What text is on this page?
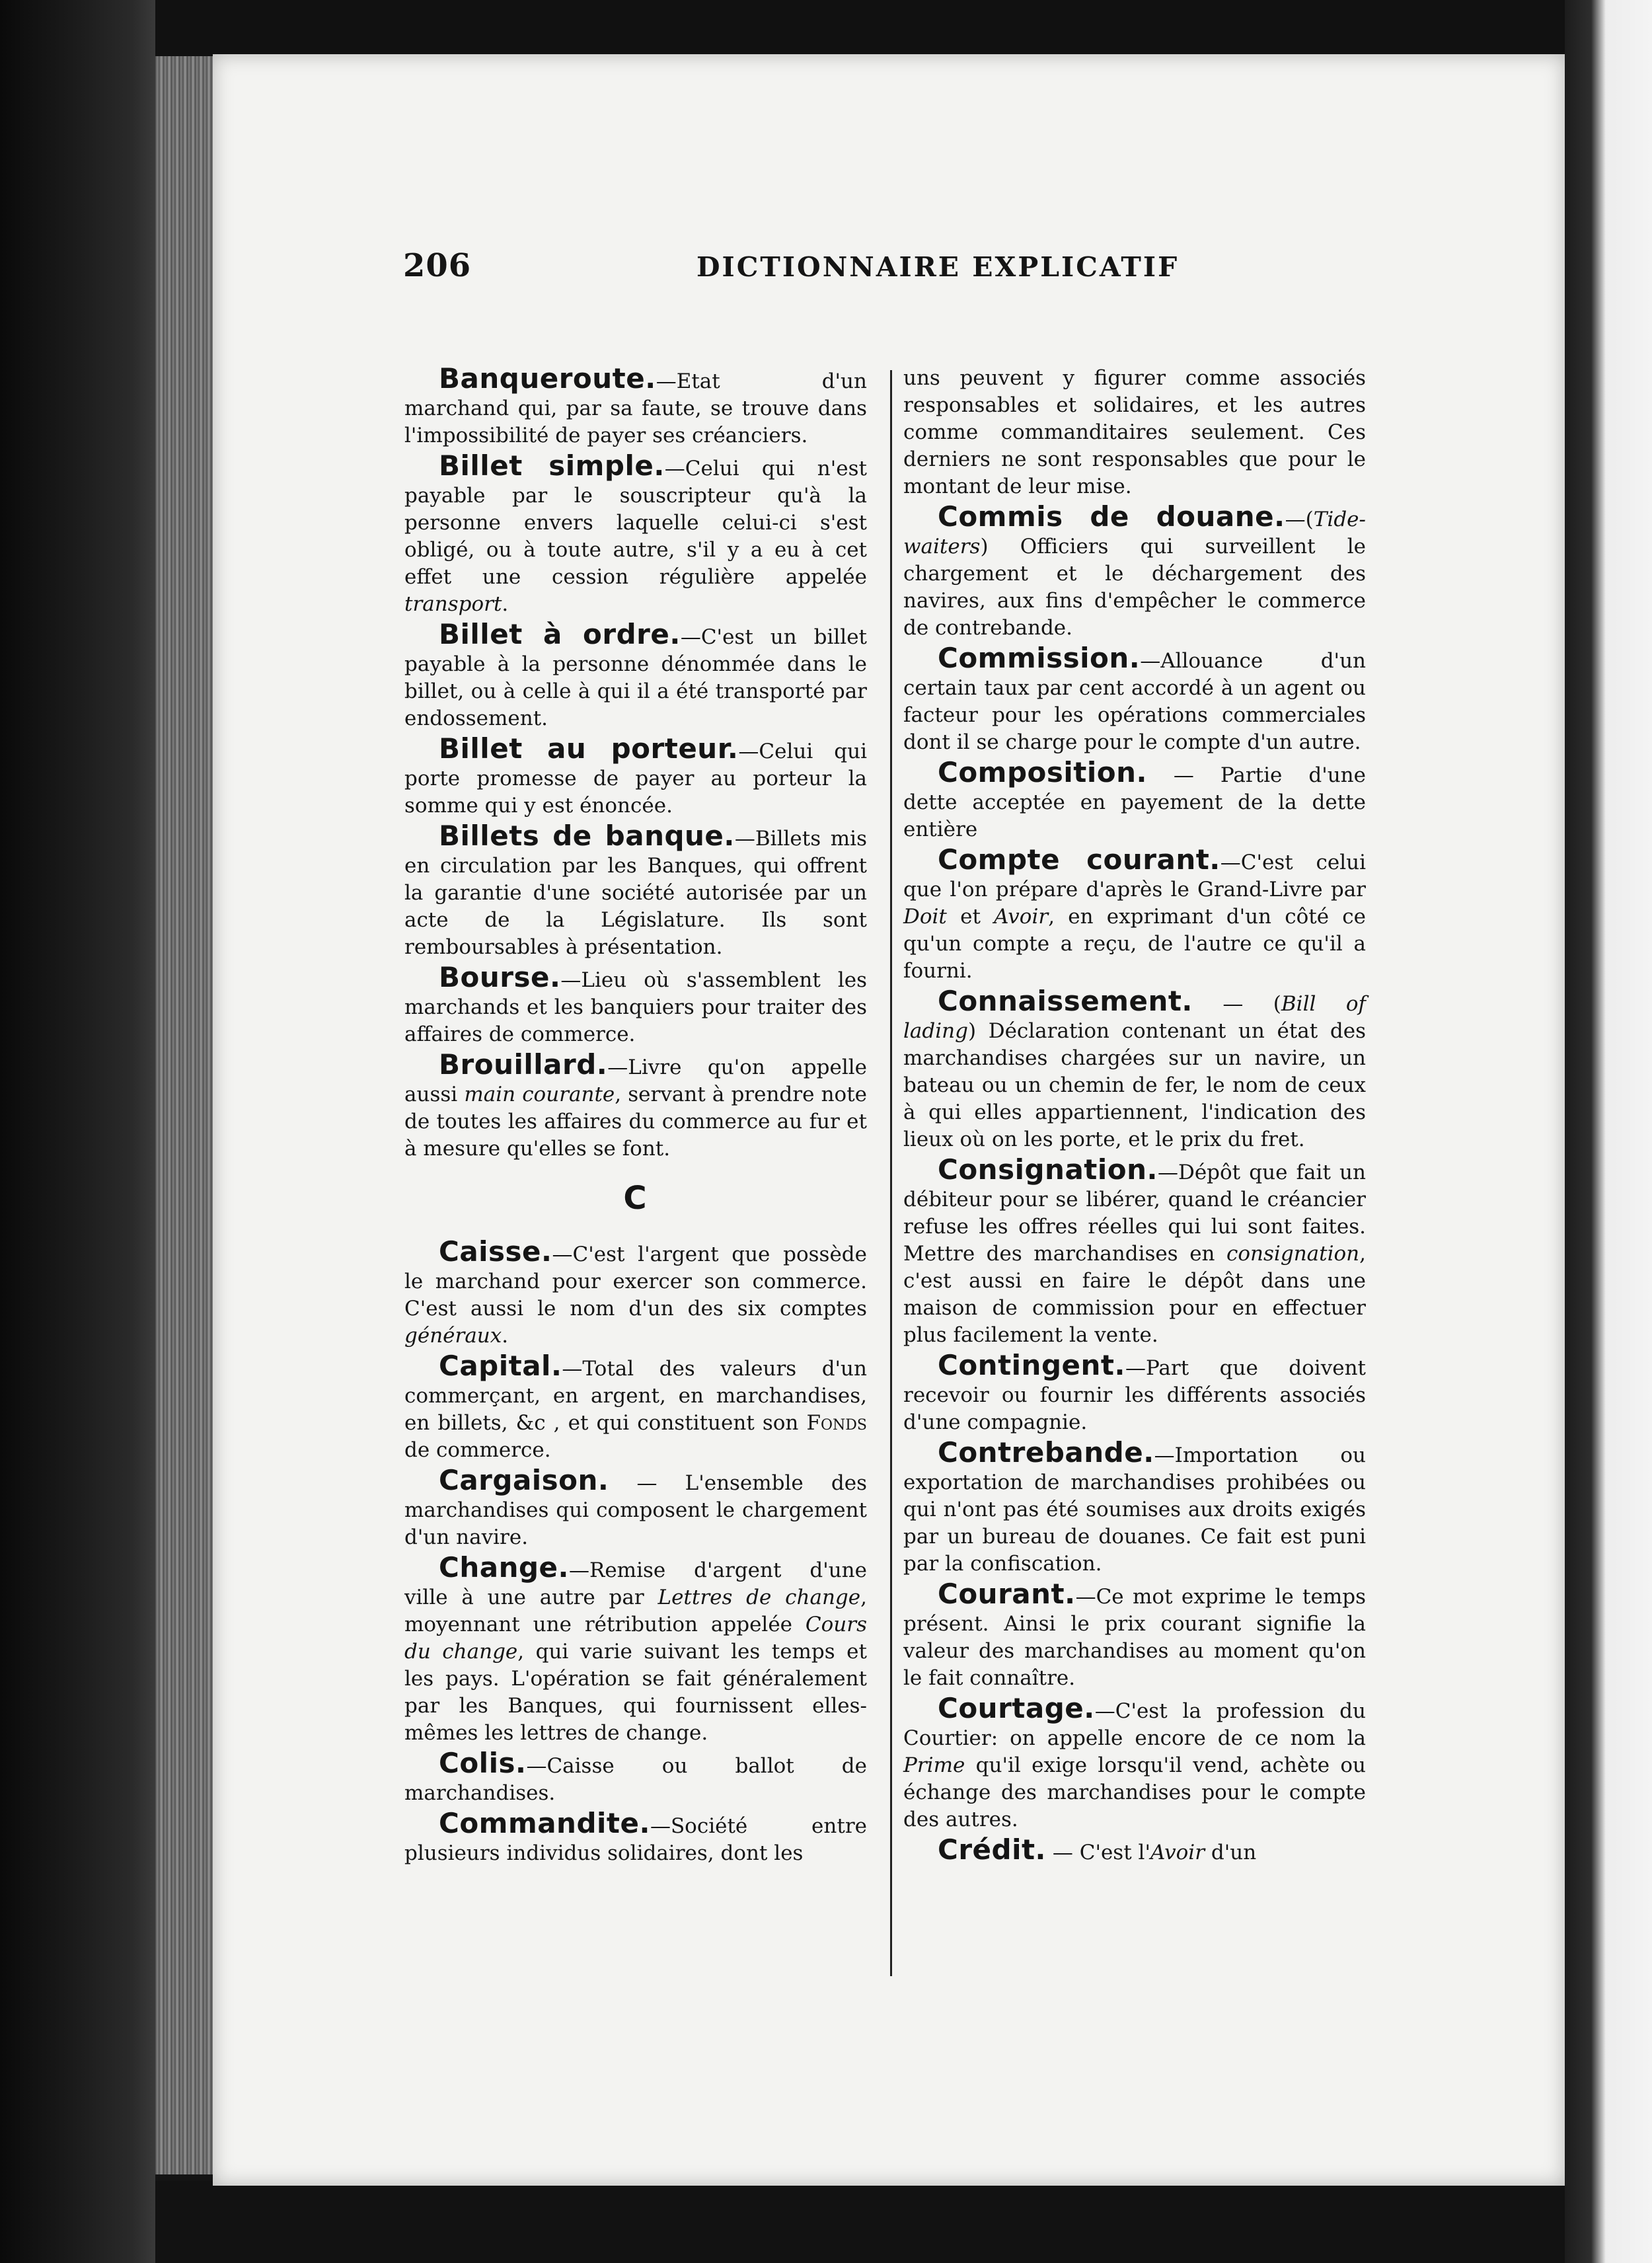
206	DICTIONNAIRE EXPLICATIF

Banqueroute.—Etat d'un marchand qui, par sa faute, se trouve dans l'impossibilité de payer ses créanciers.

Billet simple.—Celui qui n'est payable par le souscripteur qu'à la personne envers laquelle celui-ci s'est obligé, ou à toute autre, s'il y a eu à cet effet une cession régulière appelée transport.

Billet à ordre.—C'est un billet payable à la personne dénommée dans le billet, ou à celle à qui il a été transporté par endossement.

Billet au porteur.—Celui qui porte promesse de payer au porteur la somme qui y est énoncée.

Billets de banque.—Billets mis en circulation par les Banques, qui offrent la garantie d'une société autorisée par un acte de la Législature. Ils sont remboursables à présentation.

Bourse.—Lieu où s'assemblent les marchands et les banquiers pour traiter des affaires de commerce.

Brouillard.—Livre qu'on appelle aussi main courante, servant à prendre note de toutes les affaires du commerce au fur et à mesure qu'elles se font.

C

Caisse.—C'est l'argent que possède le marchand pour exercer son commerce. C'est aussi le nom d'un des six comptes généraux.

Capital.—Total des valeurs d'un commerçant, en argent, en marchandises, en billets, &c , et qui constituent son Fonds de commerce.

Cargaison. — L'ensemble des marchandises qui composent le chargement d'un navire.

Change.—Remise d'argent d'une ville à une autre par Lettres de change, moyennant une rétribution appelée Cours du change, qui varie suivant les temps et les pays. L'opération se fait généralement par les Banques, qui fournissent elles-mêmes les lettres de change.

Colis.—Caisse ou ballot de marchandises.

Commandite.—Société entre plusieurs individus solidaires, dont les

uns peuvent y figurer comme associés responsables et solidaires, et les autres comme commanditaires seulement. Ces derniers ne sont responsables que pour le montant de leur mise.

Commis de douane.—(Tide-waiters) Officiers qui surveillent le chargement et le déchargement des navires, aux fins d'empêcher le commerce de contrebande.

Commission.—Allouance d'un certain taux par cent accordé à un agent ou facteur pour les opérations commerciales dont il se charge pour le compte d'un autre.

Composition. — Partie d'une dette acceptée en payement de la dette entière

Compte courant.—C'est celui que l'on prépare d'après le Grand-Livre par Doit et Avoir, en exprimant d'un côté ce qu'un compte a reçu, de l'autre ce qu'il a fourni.

Connaissement. — (Bill of lading) Déclaration contenant un état des marchandises chargées sur un navire, un bateau ou un chemin de fer, le nom de ceux à qui elles appartiennent, l'indication des lieux où on les porte, et le prix du fret.

Consignation.—Dépôt que fait un débiteur pour se libérer, quand le créancier refuse les offres réelles qui lui sont faites. Mettre des marchandises en consignation, c'est aussi en faire le dépôt dans une maison de commission pour en effectuer plus facilement la vente.

Contingent.—Part que doivent recevoir ou fournir les différents associés d'une compagnie.

Contrebande.—Importation ou exportation de marchandises prohibées ou qui n'ont pas été soumises aux droits exigés par un bureau de douanes. Ce fait est puni par la confiscation.

Courant.—Ce mot exprime le temps présent. Ainsi le prix courant signifie la valeur des marchandises au moment qu'on le fait connaître.

Courtage.—C'est la profession du Courtier: on appelle encore de ce nom la Prime qu'il exige lorsqu'il vend, achète ou échange des marchandises pour le compte des autres.

Crédit. — C'est l'Avoir d'un
